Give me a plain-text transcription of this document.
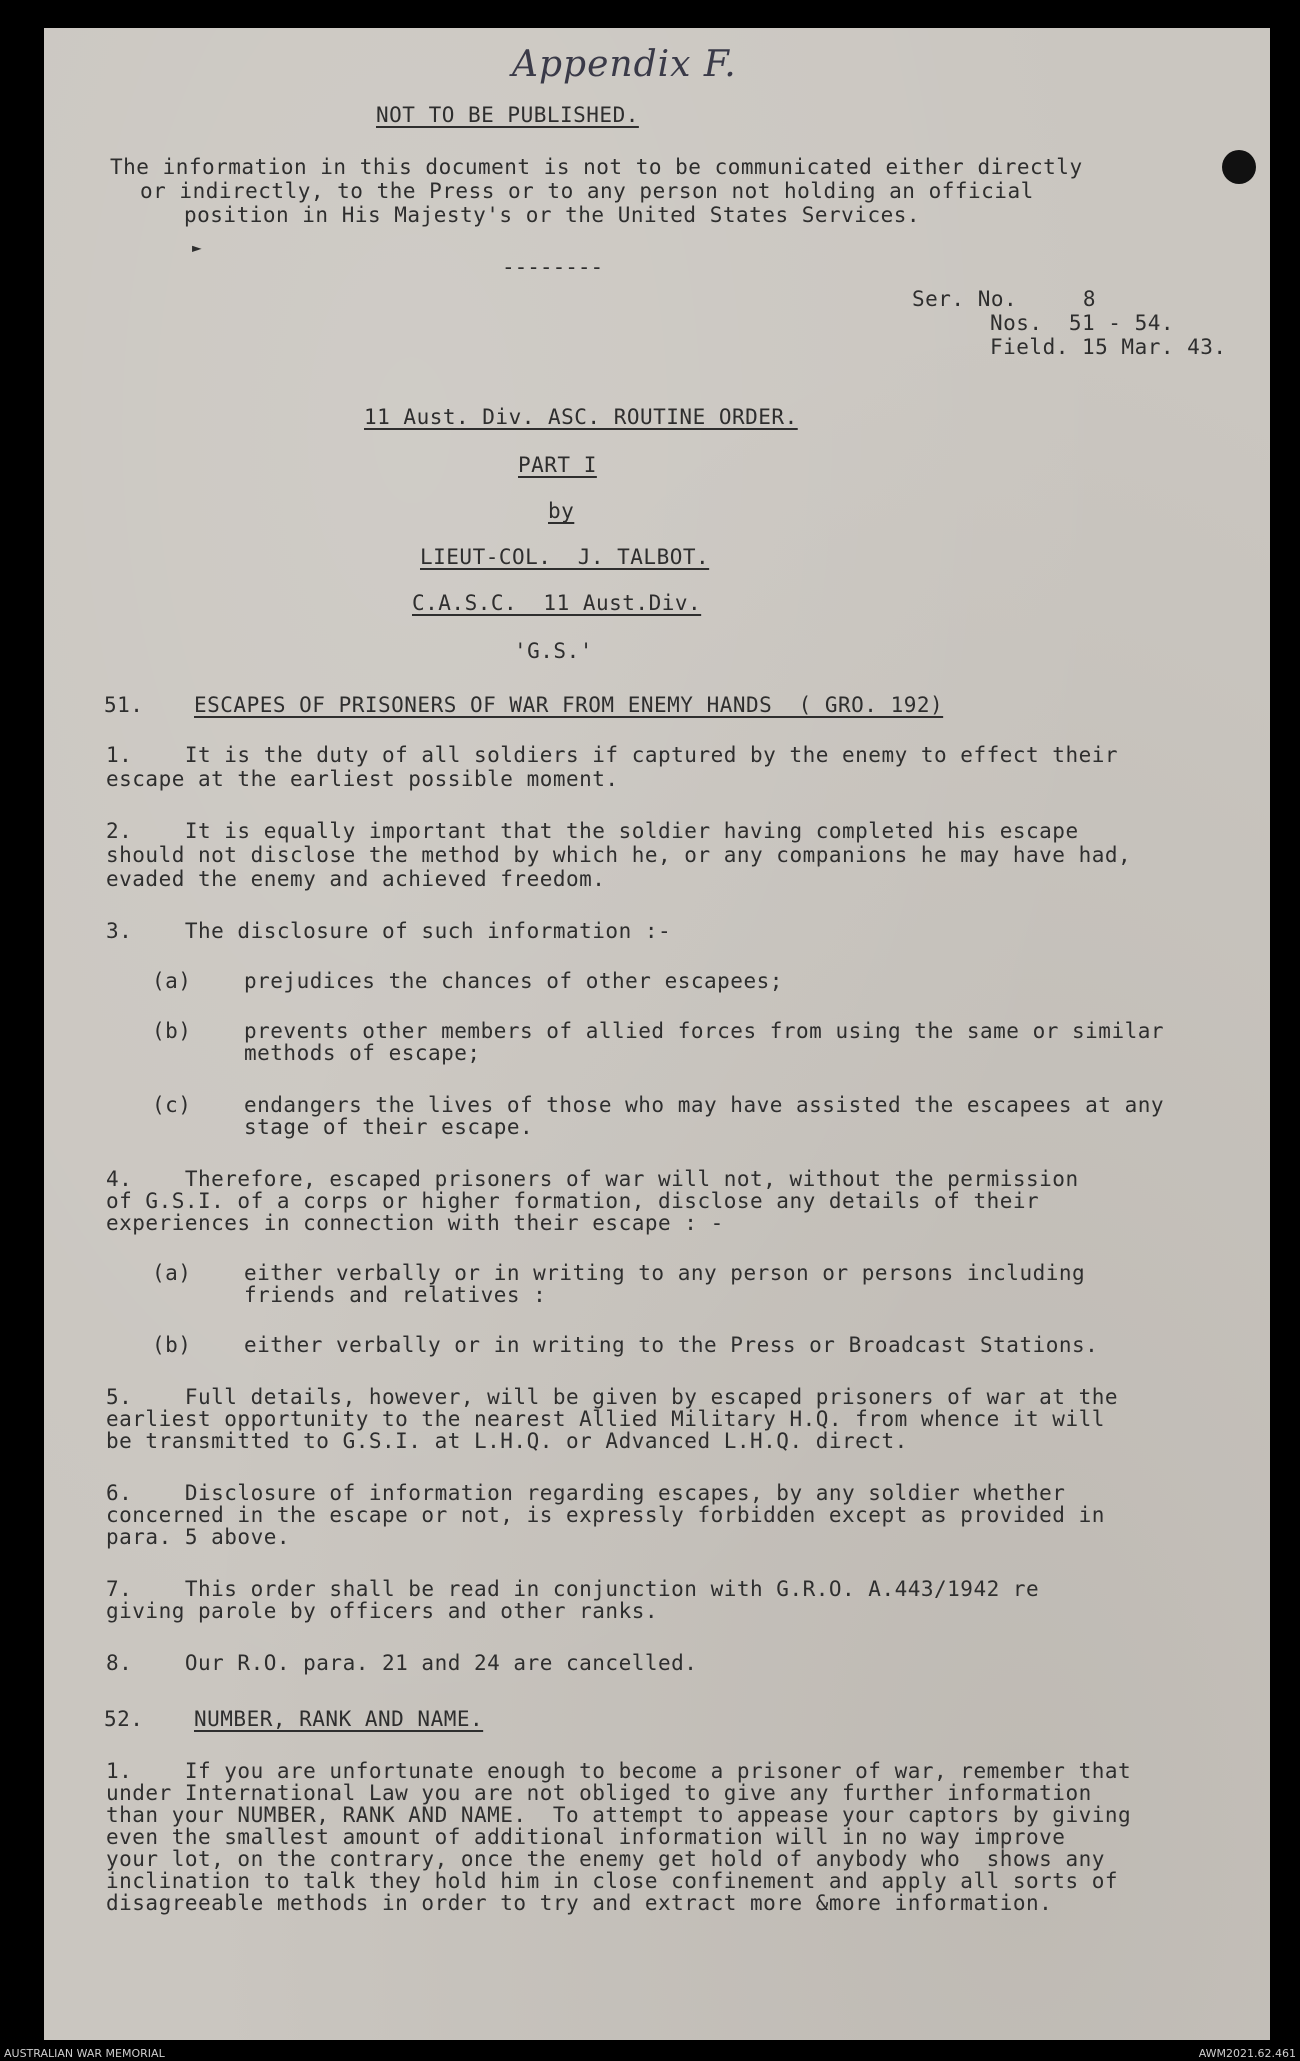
Appendix F.
NOT TO BE PUBLISHED.
The information in this document is not to be communicated either directly
or indirectly, to the Press or to any person not holding an official
position in His Majesty's or the United States Services.
►
--------
Ser. No.     8
Nos.  51 - 54.
Field. 15 Mar. 43.
11 Aust. Div. ASC. ROUTINE ORDER.
PART I
by
LIEUT-COL.  J. TALBOT.
C.A.S.C.  11 Aust.Div.
'G.S.'
51. ESCAPES OF PRISONERS OF WAR FROM ENEMY HANDS  ( GRO. 192)
1.    It is the duty of all soldiers if captured by the enemy to effect their
escape at the earliest possible moment.
2.    It is equally important that the soldier having completed his escape
should not disclose the method by which he, or any companions he may have had,
evaded the enemy and achieved freedom.
3.    The disclosure of such information :-
(a)    prejudices the chances of other escapees;
(b)    prevents other members of allied forces from using the same or similar
methods of escape;
(c)    endangers the lives of those who may have assisted the escapees at any
stage of their escape.
4.    Therefore, escaped prisoners of war will not, without the permission
of G.S.I. of a corps or higher formation, disclose any details of their
experiences in connection with their escape : -
(a)    either verbally or in writing to any person or persons including
friends and relatives :
(b)    either verbally or in writing to the Press or Broadcast Stations.
5.    Full details, however, will be given by escaped prisoners of war at the
earliest opportunity to the nearest Allied Military H.Q. from whence it will
be transmitted to G.S.I. at L.H.Q. or Advanced L.H.Q. direct.
6.    Disclosure of information regarding escapes, by any soldier whether
concerned in the escape or not, is expressly forbidden except as provided in
para. 5 above.
7.    This order shall be read in conjunction with G.R.O. A.443/1942 re
giving parole by officers and other ranks.
8.    Our R.O. para. 21 and 24 are cancelled.
52. NUMBER, RANK AND NAME.
1.    If you are unfortunate enough to become a prisoner of war, remember that
under International Law you are not obliged to give any further information
than your NUMBER, RANK AND NAME.  To attempt to appease your captors by giving
even the smallest amount of additional information will in no way improve
your lot, on the contrary, once the enemy get hold of anybody who  shows any
inclination to talk they hold him in close confinement and apply all sorts of
disagreeable methods in order to try and extract more &more information.
AUSTRALIAN WAR MEMORIAL	AWM2021.62.461
